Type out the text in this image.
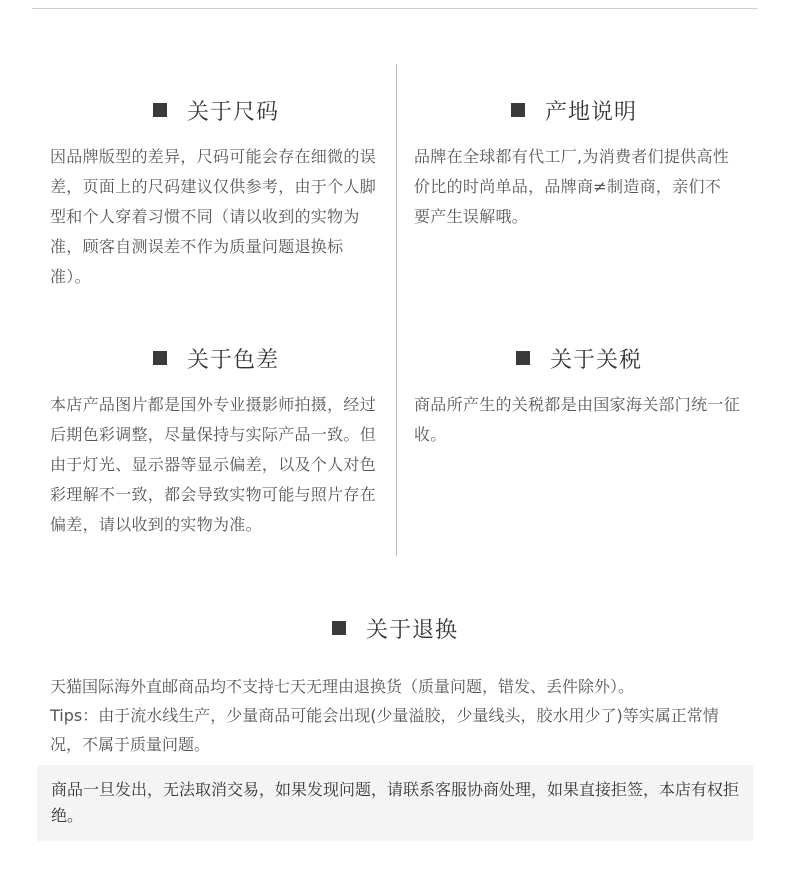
关于尺码

因品牌版型的差异，尺码可能会存在细微的误差，页面上的尺码建议仅供参考，由于个人脚型和个人穿着习惯不同（请以收到的实物为准，顾客自测误差不作为质量问题退换标准）。

产地说明

品牌在全球都有代工厂,为消费者们提供高性价比的时尚单品，品牌商≠制造商，亲们不要产生误解哦。

关于色差

本店产品图片都是国外专业摄影师拍摄，经过后期色彩调整，尽量保持与实际产品一致。但由于灯光、显示器等显示偏差，以及个人对色彩理解不一致，都会导致实物可能与照片存在偏差，请以收到的实物为准。

关于关税

商品所产生的关税都是由国家海关部门统一征收。

关于退换

天猫国际海外直邮商品均不支持七天无理由退换货（质量问题，错发、丢件除外）。

Tips：由于流水线生产，少量商品可能会出现(少量溢胶，少量线头，胶水用少了)等实属正常情况，不属于质量问题。

商品一旦发出，无法取消交易，如果发现问题，请联系客服协商处理，如果直接拒签，本店有权拒绝。
